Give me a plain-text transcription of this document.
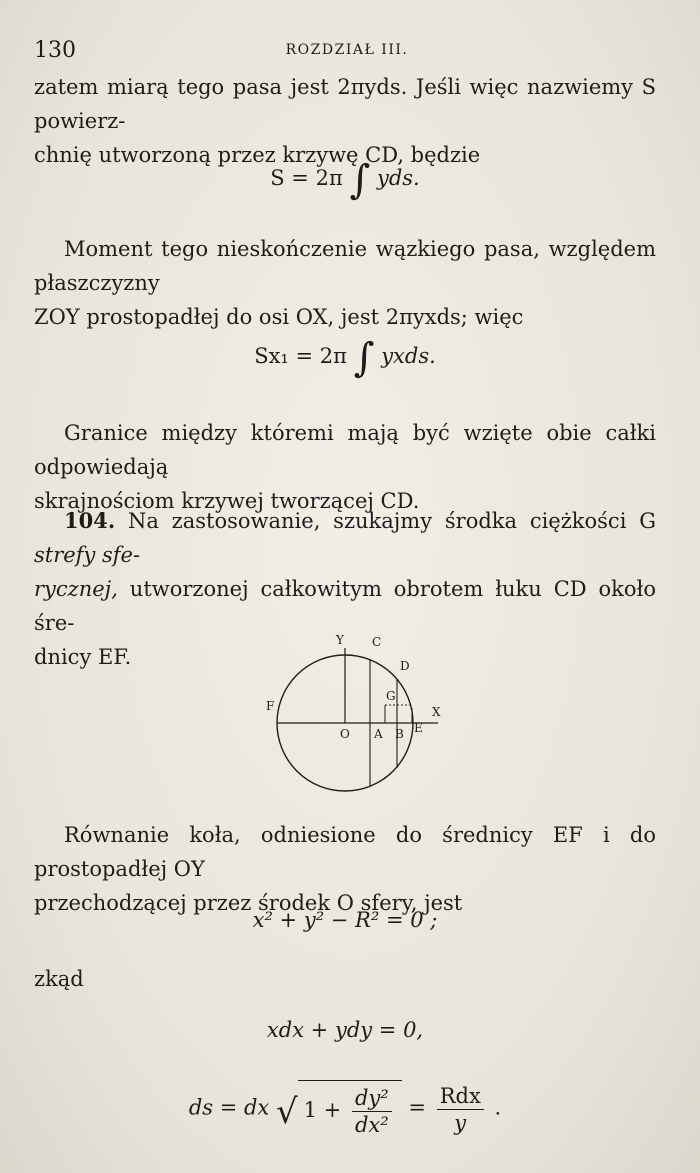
130	ROZDZIAŁ III.
zatem miarą tego pasa jest 2πyds. Jeśli więc nazwiemy S powierz-
chnię utworzoną przez krzywę CD, będzie
S = 2π ∫ yds.
Moment tego nieskończenie wązkiego pasa, względem płaszczyzny
ZOY prostopadłej do osi OX, jest 2πyxds; więc
Sx₁ = 2π ∫ yxds.
Granice między któremi mają być wzięte obie całki odpowiedają
skrajnościom krzywej tworzącej CD.
104. Na zastosowanie, szukajmy środka ciężkości G strefy sfe-
rycznej, utworzonej całkowitym obrotem łuku CD około śre-
dnicy EF.
Y C
D
G
F
O A B E
X
Równanie koła, odniesione do średnicy EF i do prostopadłej OY
przechodzącej przez środek O sfery, jest
x² + y² − R² = 0 ;
zkąd
xdx + ydy = 0,
ds = dx √ $1 + \frac{\text{dy²}}{\text{dx²}} = \frac{\text{Rdx}}{y}$ .
